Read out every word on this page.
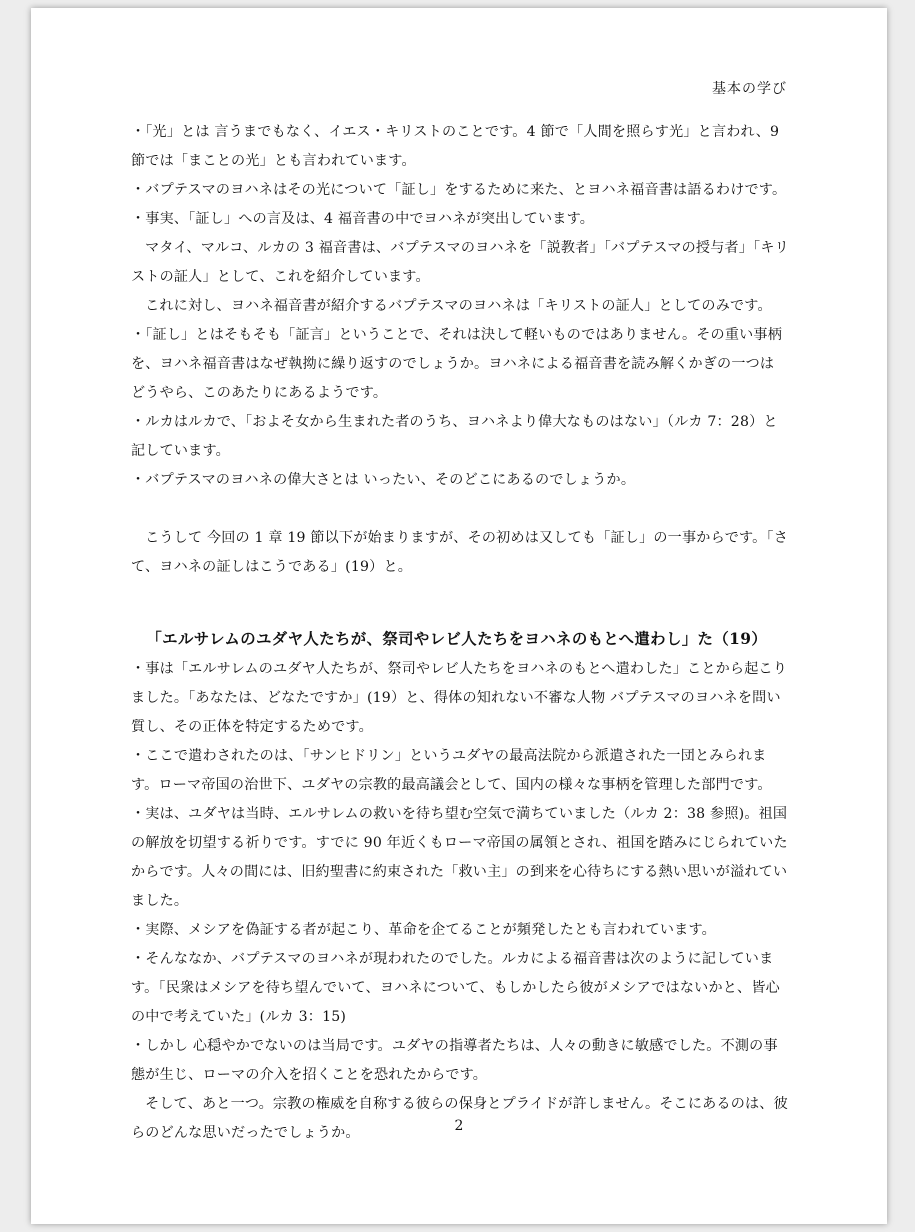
基本の学び

・「光」とは 言うまでもなく、イエス・キリストのことです。4 節で「人間を照らす光」と言われ、9 節では「まことの光」とも言われています。

・バプテスマのヨハネはその光について「証し」をするために来た、とヨハネ福音書は語るわけです。

・事実、「証し」への言及は、4 福音書の中でヨハネが突出しています。

マタイ、マルコ、ルカの 3 福音書は、バプテスマのヨハネを「説教者」「バプテスマの授与者」「キリストの証人」として、これを紹介しています。

これに対し、ヨハネ福音書が紹介するバプテスマのヨハネは「キリストの証人」としてのみです。

・「証し」とはそもそも「証言」ということで、それは決して軽いものではありません。その重い事柄を、ヨハネ福音書はなぜ執拗に繰り返すのでしょうか。ヨハネによる福音書を読み解くかぎの一つは どうやら、このあたりにあるようです。

・ルカはルカで、「およそ女から生まれた者のうち、ヨハネより偉大なものはない」（ルカ 7：28）と記しています。

・バプテスマのヨハネの偉大さとは いったい、そのどこにあるのでしょうか。

こうして 今回の 1 章 19 節以下が始まりますが、その初めは又しても「証し」の一事からです。「さて、ヨハネの証しはこうである」(19）と。

「エルサレムのユダヤ人たちが、祭司やレビ人たちをヨハネのもとへ遣わし」た（19）

・事は「エルサレムのユダヤ人たちが、祭司やレビ人たちをヨハネのもとへ遣わした」ことから起こりました。「あなたは、どなたですか」(19）と、得体の知れない不審な人物 バプテスマのヨハネを問い質し、その正体を特定するためです。

・ここで遣わされたのは、「サンヒドリン」というユダヤの最高法院から派遣された一団とみられます。ローマ帝国の治世下、ユダヤの宗教的最高議会として、国内の様々な事柄を管理した部門です。

・実は、ユダヤは当時、エルサレムの救いを待ち望む空気で満ちていました（ルカ 2：38 参照)。祖国の解放を切望する祈りです。すでに 90 年近くもローマ帝国の属領とされ、祖国を踏みにじられていたからです。人々の間には、旧約聖書に約束された「救い主」の到来を心待ちにする熱い思いが溢れていました。

・実際、メシアを偽証する者が起こり、革命を企てることが頻発したとも言われています。

・そんななか、バプテスマのヨハネが現われたのでした。ルカによる福音書は次のように記しています。「民衆はメシアを待ち望んでいて、ヨハネについて、もしかしたら彼がメシアではないかと、皆心の中で考えていた」(ルカ 3：15)

・しかし 心穏やかでないのは当局です。ユダヤの指導者たちは、人々の動きに敏感でした。不測の事態が生じ、ローマの介入を招くことを恐れたからです。

そして、あと一つ。宗教の権威を自称する彼らの保身とプライドが許しません。そこにあるのは、彼らのどんな思いだったでしょうか。	2
